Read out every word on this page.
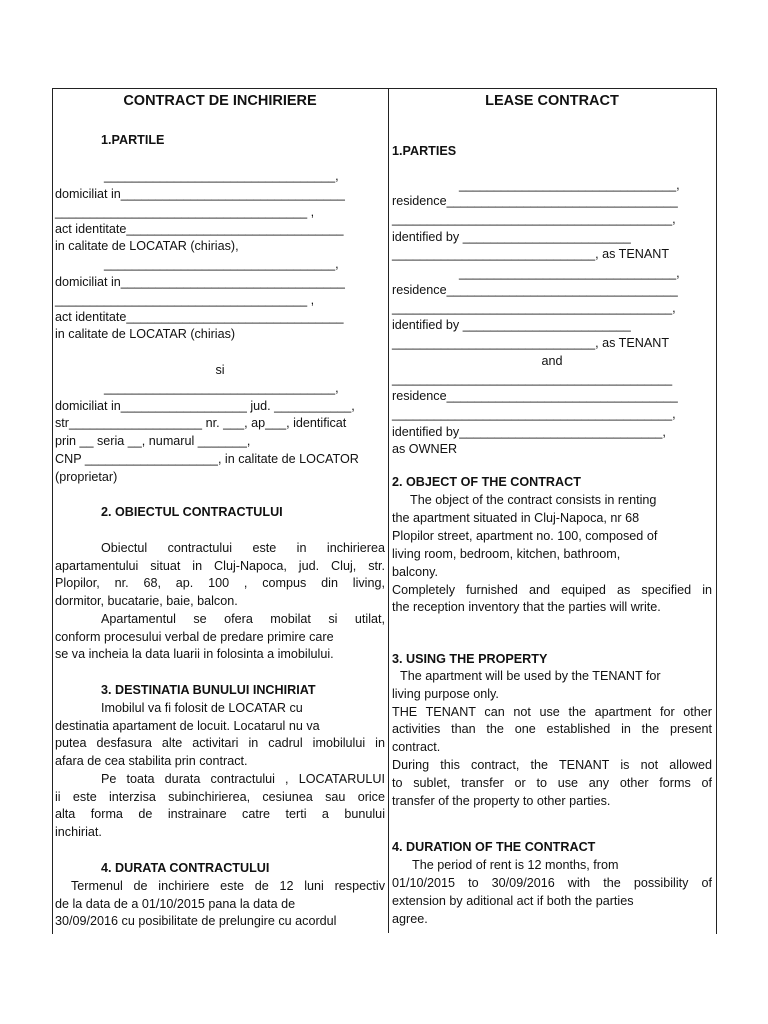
CONTRACT DE INCHIRIERE
1.PARTILE
_________________________________,
domiciliat in________________________________
____________________________________ ,
act identitate_______________________________
in calitate de LOCATAR (chirias),
_________________________________,
domiciliat in________________________________
____________________________________ ,
act identitate_______________________________
in calitate de LOCATAR (chirias)
si
_________________________________,
domiciliat in__________________ jud. ___________,
str___________________ nr. ___, ap___, identificat
prin __ seria __, numarul _______,
CNP ___________________, in calitate de LOCATOR
(proprietar)
2. OBIECTUL CONTRACTULUI
Obiectul contractului este in inchirierea
apartamentului situat in Cluj-Napoca, jud. Cluj, str.
Plopilor, nr. 68, ap. 100 , compus din living,
dormitor, bucatarie, baie, balcon.
Apartamentul se ofera mobilat si utilat,
conform procesului verbal de predare primire care
se va incheia la data luarii in folosinta a imobilului.
3. DESTINATIA BUNULUI INCHIRIAT
Imobilul va fi folosit de LOCATAR cu
destinatia apartament de locuit. Locatarul nu va
putea desfasura alte activitari in cadrul imobilului in
afara de cea stabilita prin contract.
Pe toata durata contractului , LOCATARULUI
ii este interzisa subinchirierea, cesiunea sau orice
alta forma de instrainare catre terti a bunului
inchiriat.
4. DURATA CONTRACTULUI
Termenul de inchiriere este de 12 luni respectiv
de la data de a 01/10/2015 pana la data de
30/09/2016 cu posibilitate de prelungire cu acordul
LEASE CONTRACT
1.PARTIES
_______________________________,
residence_________________________________
________________________________________,
identified by ________________________
_____________________________, as TENANT
_______________________________,
residence_________________________________
________________________________________,
identified by ________________________
_____________________________, as TENANT
and
________________________________________
residence_________________________________
________________________________________,
identified by_____________________________,
as OWNER
2. OBJECT OF THE CONTRACT
The object of the contract consists in renting
the apartment situated in Cluj-Napoca, nr 68
Plopilor street, apartment no. 100, composed of
living room, bedroom, kitchen, bathroom,
balcony.
Completely furnished and equiped as specified in
the reception inventory that the parties will write.
3. USING THE PROPERTY
The apartment will be used by the TENANT for
living purpose only.
THE TENANT can not use the apartment for other
activities than the one established in the present
contract.
During this contract, the TENANT is not allowed
to sublet, transfer or to use any other forms of
transfer of the property to other parties.
4. DURATION OF THE CONTRACT
The period of rent is 12 months, from
01/10/2015 to 30/09/2016 with the possibility of
extension by aditional act if both the parties
agree.
